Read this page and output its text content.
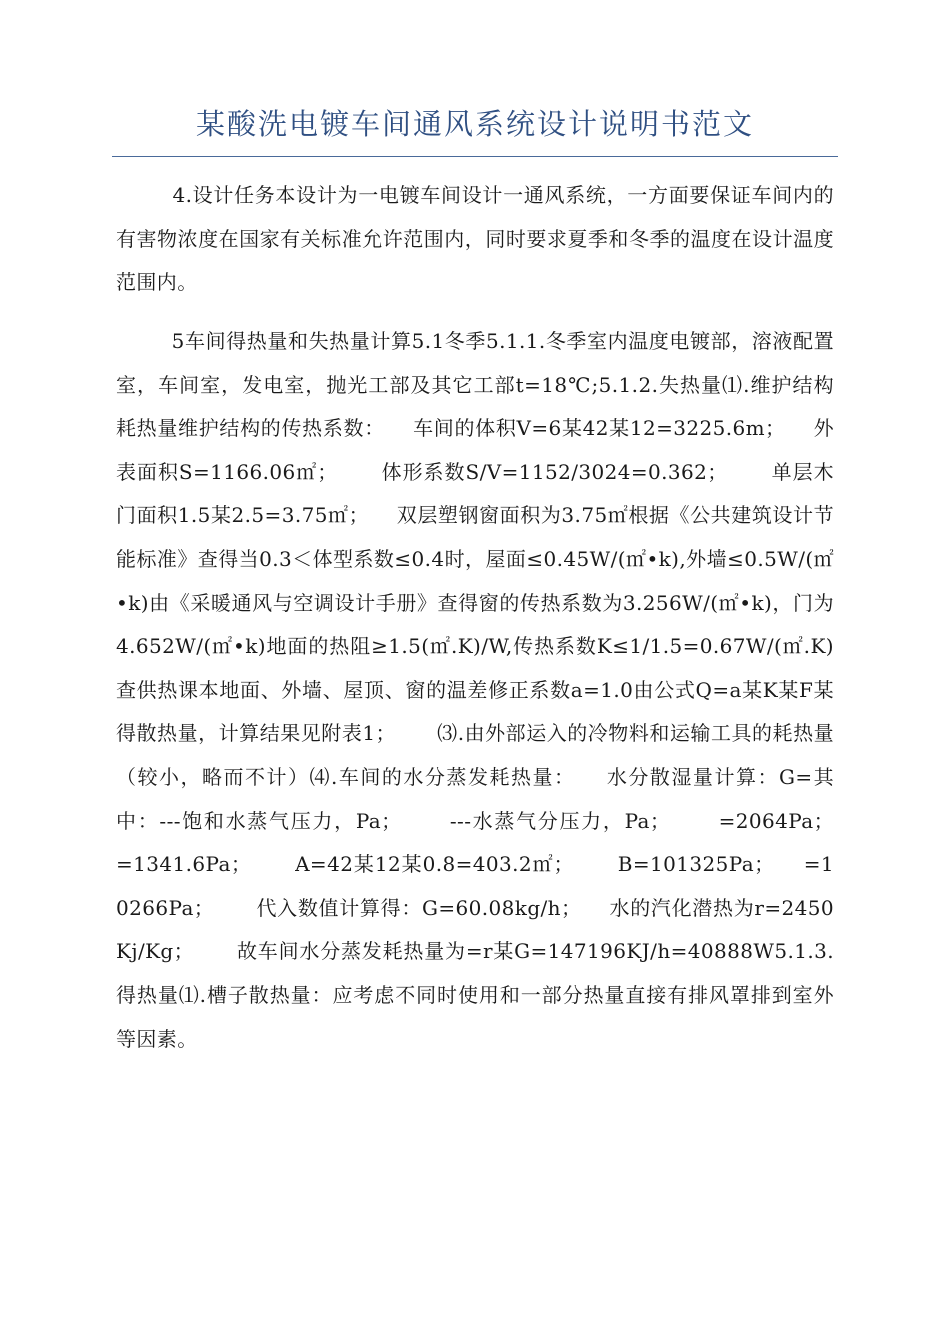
某酸洗电镀车间通风系统设计说明书范文

4.设计任务本设计为一电镀车间设计一通风系统，一方面要保证车间内的有害物浓度在国家有关标准允许范围内，同时要求夏季和冬季的温度在设计温度范围内。

5车间得热量和失热量计算5.1冬季5.1.1.冬季室内温度电镀部，溶液配置室，车间室，发电室，抛光工部及其它工部t=18℃;5.1.2.失热量⑴.维护结构耗热量维护结构的传热系数：    车间的体积V=6某42某12=3225.6m；    外表面积S=1166.06㎡；      体形系数S/V=1152/3024=0.362；      单层木门面积1.5某2.5=3.75㎡；    双层塑钢窗面积为3.75㎡根据《公共建筑设计节能标准》查得当0.3＜体型系数≤0.4时，屋面≤0.45W/(㎡•k),外墙≤0.5W/(㎡•k)由《采暖通风与空调设计手册》查得窗的传热系数为3.256W/(㎡•k)，门为4.652W/(㎡•k)地面的热阻≥1.5(㎡.K)/W,传热系数K≤1/1.5=0.67W/(㎡.K)查供热课本地面、外墙、屋顶、窗的温差修正系数a=1.0由公式Q=a某K某F某得散热量，计算结果见附表1；      ⑶.由外部运入的冷物料和运输工具的耗热量（较小，略而不计）⑷.车间的水分蒸发耗热量：    水分散湿量计算：G=其中：---饱和水蒸气压力，Pa；      ---水蒸气分压力，Pa；      =2064Pa；    =1341.6Pa；      A=42某12某0.8=403.2㎡；      B=101325Pa；    =10266Pa；      代入数值计算得：G=60.08kg/h；    水的汽化潜热为r=2450Kj/Kg；      故车间水分蒸发耗热量为=r某G=147196KJ/h=40888W5.1.3.得热量⑴.槽子散热量：应考虑不同时使用和一部分热量直接有排风罩排到室外等因素。
